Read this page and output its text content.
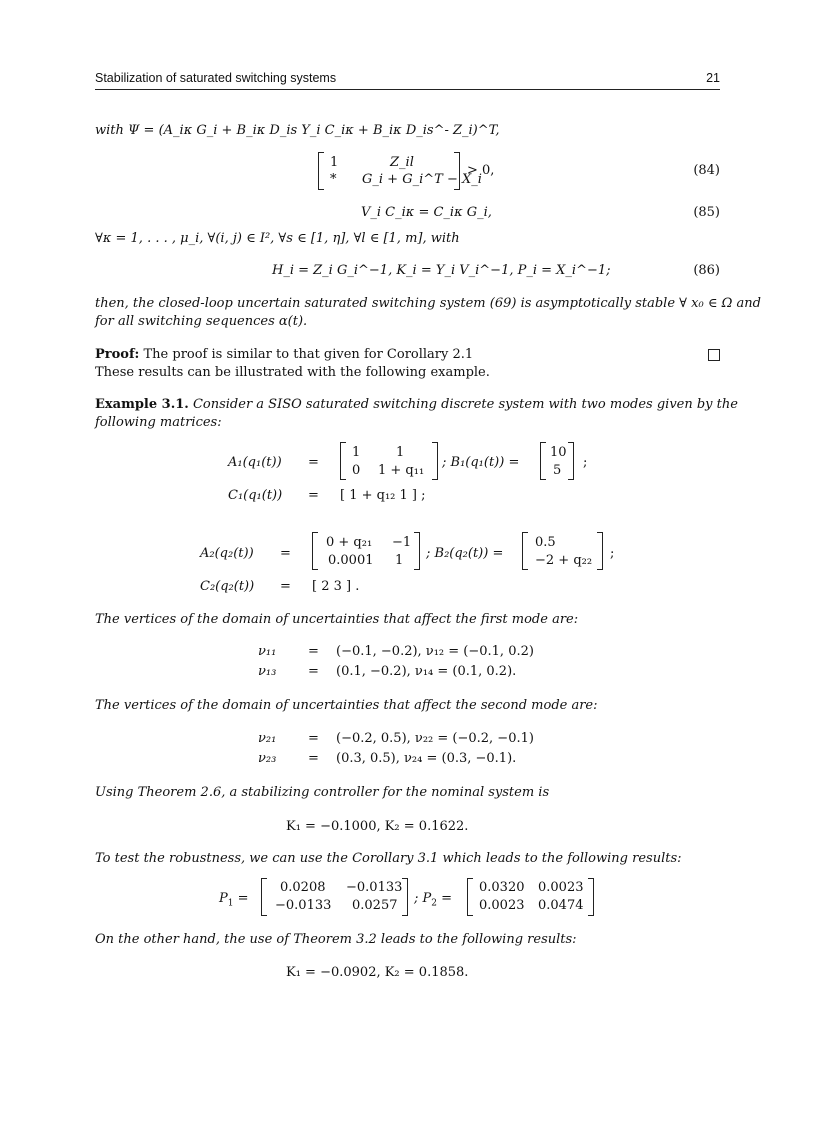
Stabilization of saturated switching systems	21
with Ψ = (A_iκ G_i + B_iκ D_is Y_i C_iκ + B_iκ D_is^- Z_i)^T,
1	Z_il
* G_i + G_i^T − X_i
> 0,	(84)
V_i C_iκ = C_iκ G_i,	(85)
∀κ = 1, . . . , μ_i, ∀(i, j) ∈ I², ∀s ∈ [1, η], ∀l ∈ [1, m], with
H_i = Z_i G_i^−1, K_i = Y_i V_i^−1, P_i = X_i^−1;	(86)
then, the closed-loop uncertain saturated switching system (69) is asymptotically stable ∀ x₀ ∈ Ω and
for all switching sequences α(t).
Proof: The proof is similar to that given for Corollary 2.1
These results can be illustrated with the following example.
Example 3.1. Consider a SISO saturated switching discrete system with two modes given by the
following matrices:
A₁(q₁(t)) =
1	1
0 1 + q₁₁
; B₁(q₁(t)) =
10
5
;
C₁(q₁(t)) = [ 1 + q₁₂ 1 ] ;
A₂(q₂(t)) =
0 + q₂₁ −1
0.0001 1 ; B₂(q₂(t)) =
0.5
−2 + q₂₂ ;
C₂(q₂(t)) = [ 2 3 ] .
The vertices of the domain of uncertainties that affect the first mode are:
ν₁₁ = (−0.1, −0.2), ν₁₂ = (−0.1, 0.2)
ν₁₃ = (0.1, −0.2), ν₁₄ = (0.1, 0.2).
The vertices of the domain of uncertainties that affect the second mode are:
ν₂₁ = (−0.2, 0.5), ν₂₂ = (−0.2, −0.1)
ν₂₃ = (0.3, 0.5), ν₂₄ = (0.3, −0.1).
Using Theorem 2.6, a stabilizing controller for the nominal system is
K₁ = −0.1000, K₂ = 0.1622.
To test the robustness, we can use the Corollary 3.1 which leads to the following results:
$P_1$ =
0.0208 −0.0133
−0.0133 0.0257 ; $P_2$ =
0.0320 0.0023
0.0023 0.0474
On the other hand, the use of Theorem 3.2 leads to the following results:
K₁ = −0.0902, K₂ = 0.1858.
